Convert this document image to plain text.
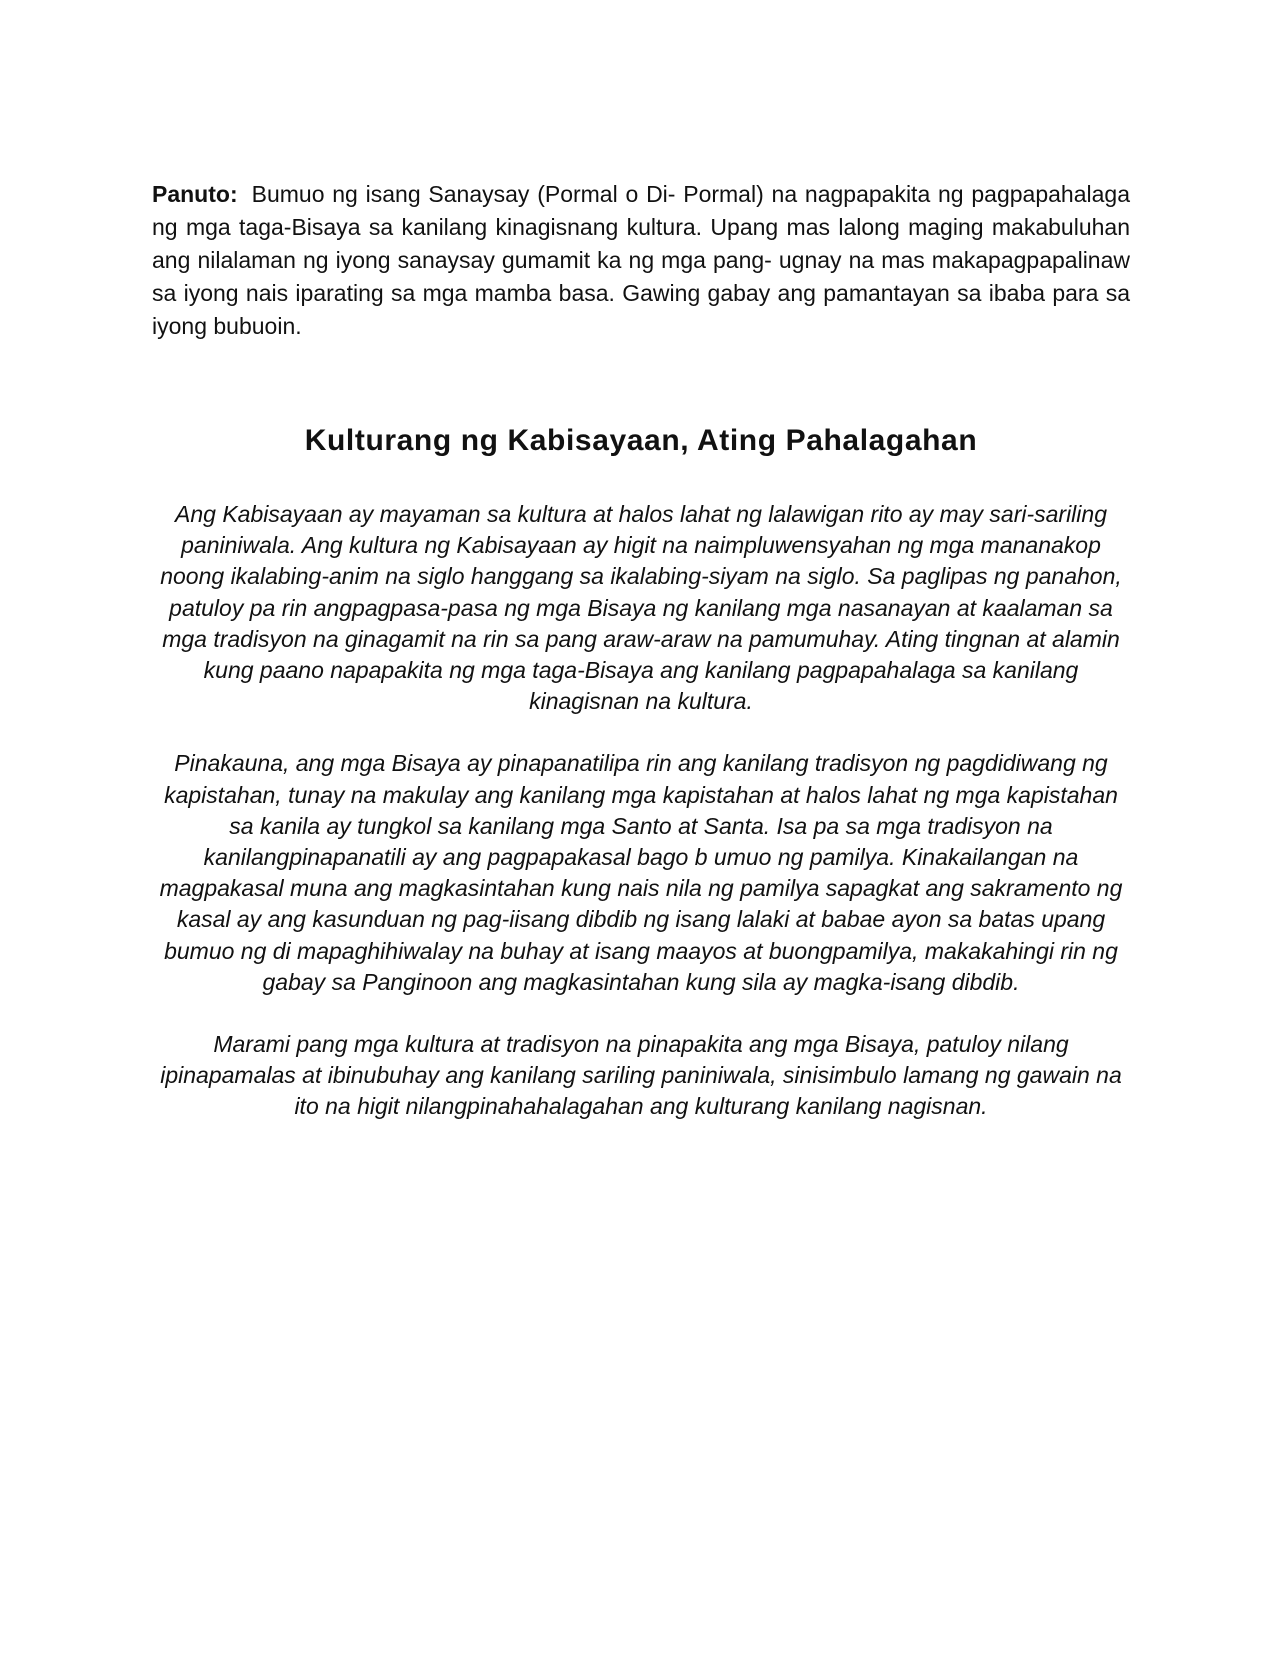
Panuto: Bumuo ng isang Sanaysay (Pormal o Di- Pormal) na nagpapakita ng pagpapahalaga ng mga taga-Bisaya sa kanilang kinagisnang kultura. Upang mas lalong maging makabuluhan ang nilalaman ng iyong sanaysay gumamit ka ng mga pang- ugnay na mas makapagpapalinaw sa iyong nais iparating sa mga mamba basa. Gawing gabay ang pamantayan sa ibaba para sa iyong bubuoin.

Kulturang ng Kabisayaan, Ating Pahalagahan

Ang Kabisayaan ay mayaman sa kultura at halos lahat ng lalawigan rito ay may sari-sariling paniniwala. Ang kultura ng Kabisayaan ay higit na naimpluwensyahan ng mga mananakop noong ikalabing-anim na siglo hanggang sa ikalabing-siyam na siglo. Sa paglipas ng panahon, patuloy pa rin angpagpasa-pasa ng mga Bisaya ng kanilang mga nasanayan at kaalaman sa mga tradisyon na ginagamit na rin sa pang araw-araw na pamumuhay. Ating tingnan at alamin kung paano napapakita ng mga taga-Bisaya ang kanilang pagpapahalaga sa kanilang kinagisnan na kultura.

Pinakauna, ang mga Bisaya ay pinapanatilipa rin ang kanilang tradisyon ng pagdidiwang ng kapistahan, tunay na makulay ang kanilang mga kapistahan at halos lahat ng mga kapistahan sa kanila ay tungkol sa kanilang mga Santo at Santa. Isa pa sa mga tradisyon na kanilangpinapanatili ay ang pagpapakasal bago b umuo ng pamilya. Kinakailangan na magpakasal muna ang magkasintahan kung nais nila ng pamilya sapagkat ang sakramento ng kasal ay ang kasunduan ng pag-iisang dibdib ng isang lalaki at babae ayon sa batas upang bumuo ng di mapaghihiwalay na buhay at isang maayos at buongpamilya, makakahingi rin ng gabay sa Panginoon ang magkasintahan kung sila ay magka-isang dibdib.

Marami pang mga kultura at tradisyon na pinapakita ang mga Bisaya, patuloy nilang ipinapamalas at ibinubuhay ang kanilang sariling paniniwala, sinisimbulo lamang ng gawain na ito na higit nilangpinahahalagahan ang kulturang kanilang nagisnan.
